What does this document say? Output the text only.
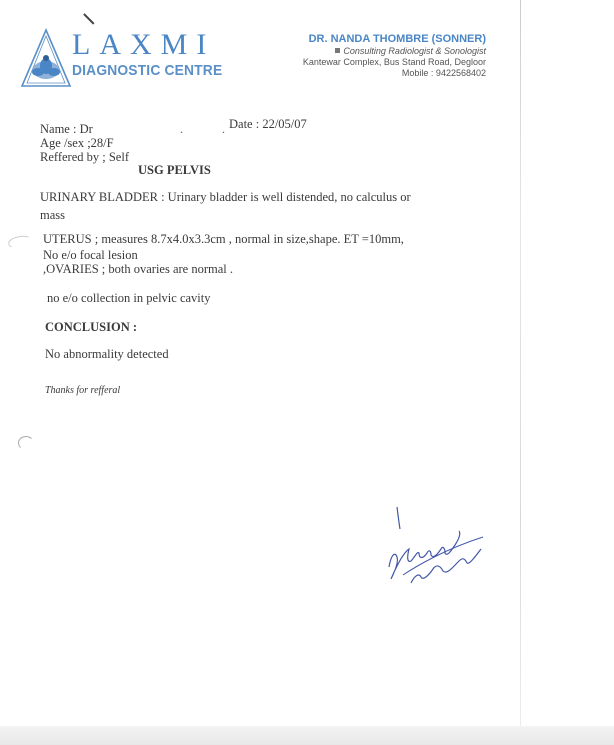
LAXMI
DIAGNOSTIC CENTRE
DR. NANDA THOMBRE (SONNER)
Consulting Radiologist & Sonologist
Kantewar Complex, Bus Stand Road, Degloor
Mobile : 9422568402
Name : Dr	. .
Date : 22/05/07
Age /sex ;28/F
Reffered by ; Self
USG PELVIS
URINARY BLADDER : Urinary bladder is well distended, no calculus or
mass
UTERUS ; measures 8.7x4.0x3.3cm , normal in size,shape. ET =10mm,
No e/o focal lesion
,OVARIES ; both ovaries are normal .
no e/o collection in pelvic cavity
CONCLUSION :
No abnormality detected
Thanks for refferal
